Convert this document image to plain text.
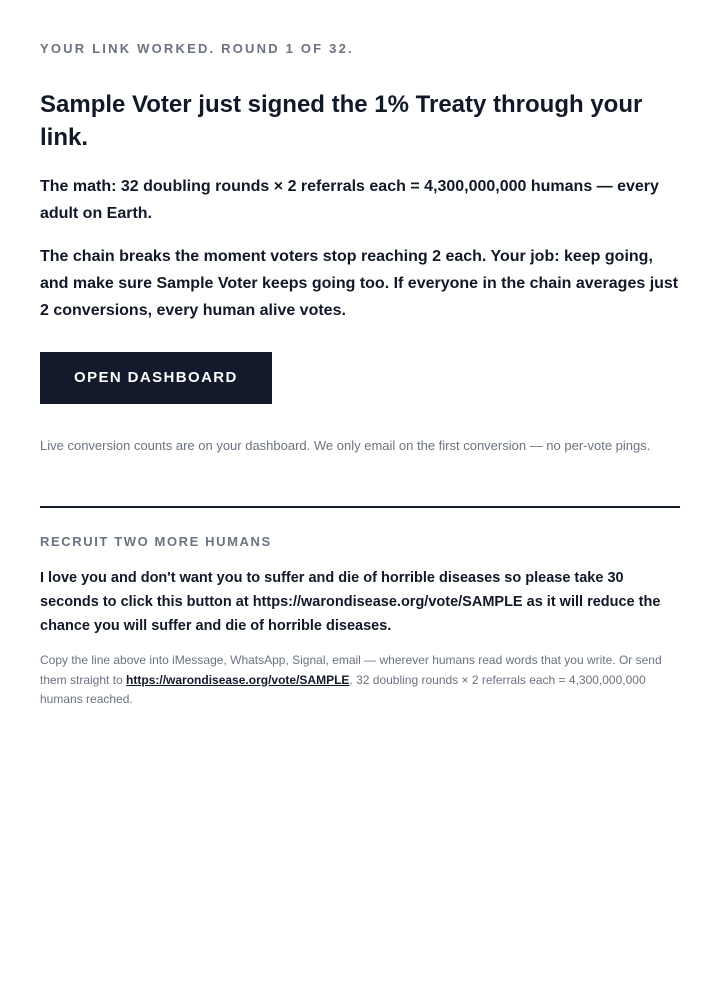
YOUR LINK WORKED. ROUND 1 OF 32.

Sample Voter just signed the 1% Treaty through your link.

The math: 32 doubling rounds × 2 referrals each = 4,300,000,000 humans — every adult on Earth.

The chain breaks the moment voters stop reaching 2 each. Your job: keep going, and make sure Sample Voter keeps going too. If everyone in the chain averages just 2 conversions, every human alive votes.

OPEN DASHBOARD

Live conversion counts are on your dashboard. We only email on the first conversion — no per-vote pings.

RECRUIT TWO MORE HUMANS

I love you and don't want you to suffer and die of horrible diseases so please take 30 seconds to click this button at https://warondisease.org/vote/SAMPLE as it will reduce the chance you will suffer and die of horrible diseases.

Copy the line above into iMessage, WhatsApp, Signal, email — wherever humans read words that you write. Or send them straight to https://warondisease.org/vote/SAMPLE. 32 doubling rounds × 2 referrals each = 4,300,000,000 humans reached.
